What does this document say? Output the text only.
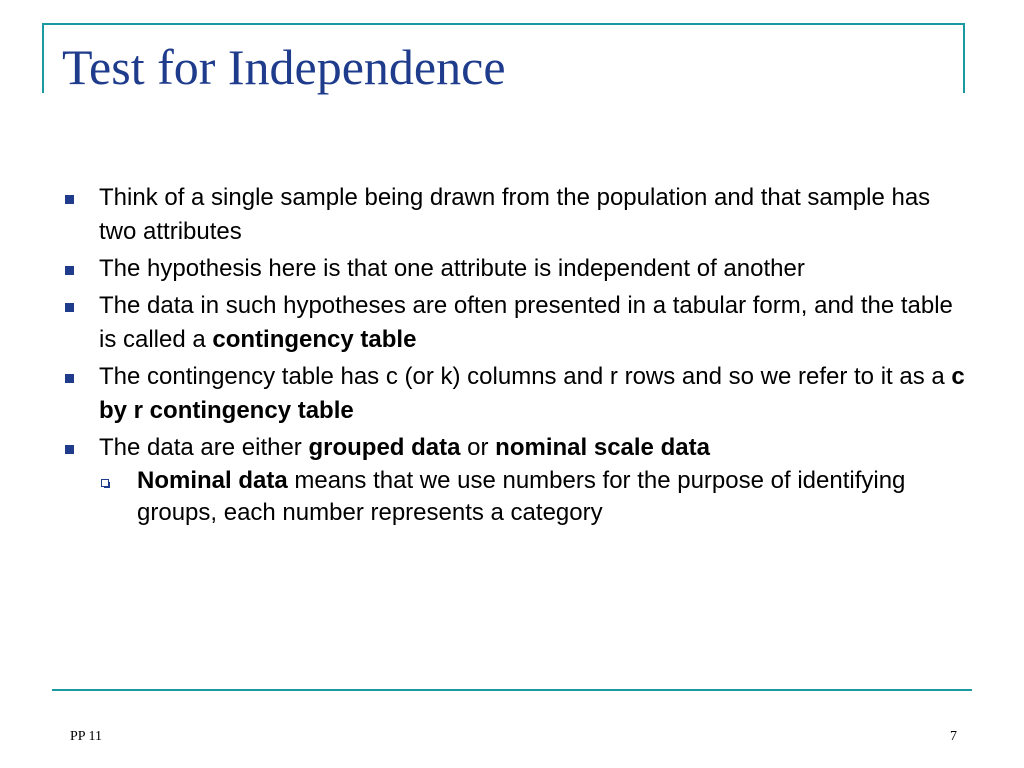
Test for Independence
Think of a single sample being drawn from the population and that sample has two attributes
The hypothesis here is that one attribute is independent of another
The data in such hypotheses are often presented in a tabular form, and the table is called a contingency table
The contingency table has c (or k) columns and r rows and so we refer to it as a c by r contingency table
The data are either grouped data or nominal scale data
Nominal data means that we use numbers for the purpose of identifying groups, each number represents a category
PP 11	7
